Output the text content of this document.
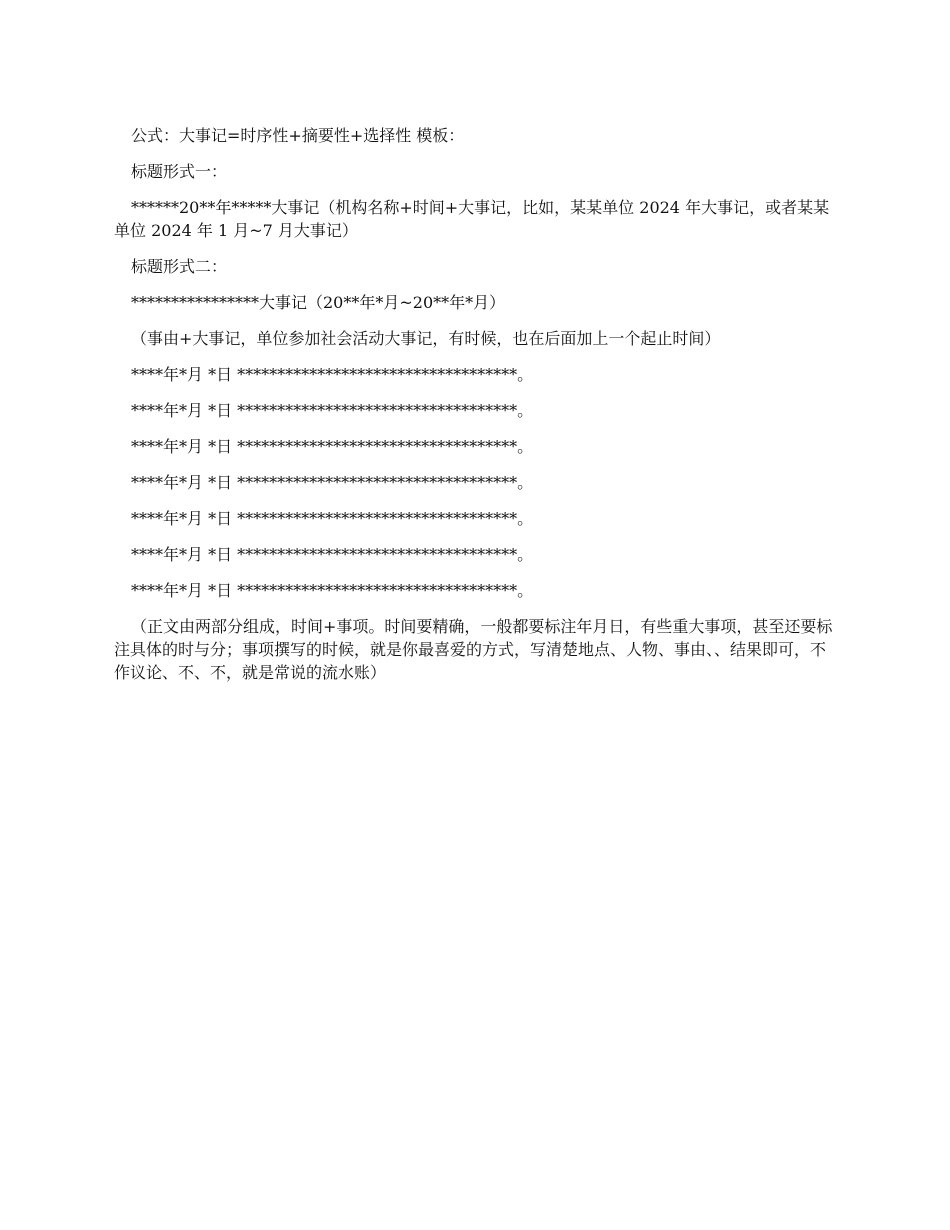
公式：大事记=时序性+摘要性+选择性 模板：

标题形式一：

******20**年*****大事记（机构名称+时间+大事记，比如，某某单位 2024 年大事记，或者某某单位 2024 年 1 月~7 月大事记）

标题形式二：

****************大事记（20**年*月~20**年*月）

（事由+大事记，单位参加社会活动大事记，有时候，也在后面加上一个起止时间）

****年*月 *日 ***********************************。

****年*月 *日 ***********************************。

****年*月 *日 ***********************************。

****年*月 *日 ***********************************。

****年*月 *日 ***********************************。

****年*月 *日 ***********************************。

****年*月 *日 ***********************************。

（正文由两部分组成，时间+事项。时间要精确，一般都要标注年月日，有些重大事项，甚至还要标注具体的时与分；事项撰写的时候，就是你最喜爱的方式，写清楚地点、人物、事由、、结果即可，不作议论、不、不，就是常说的流水账）
